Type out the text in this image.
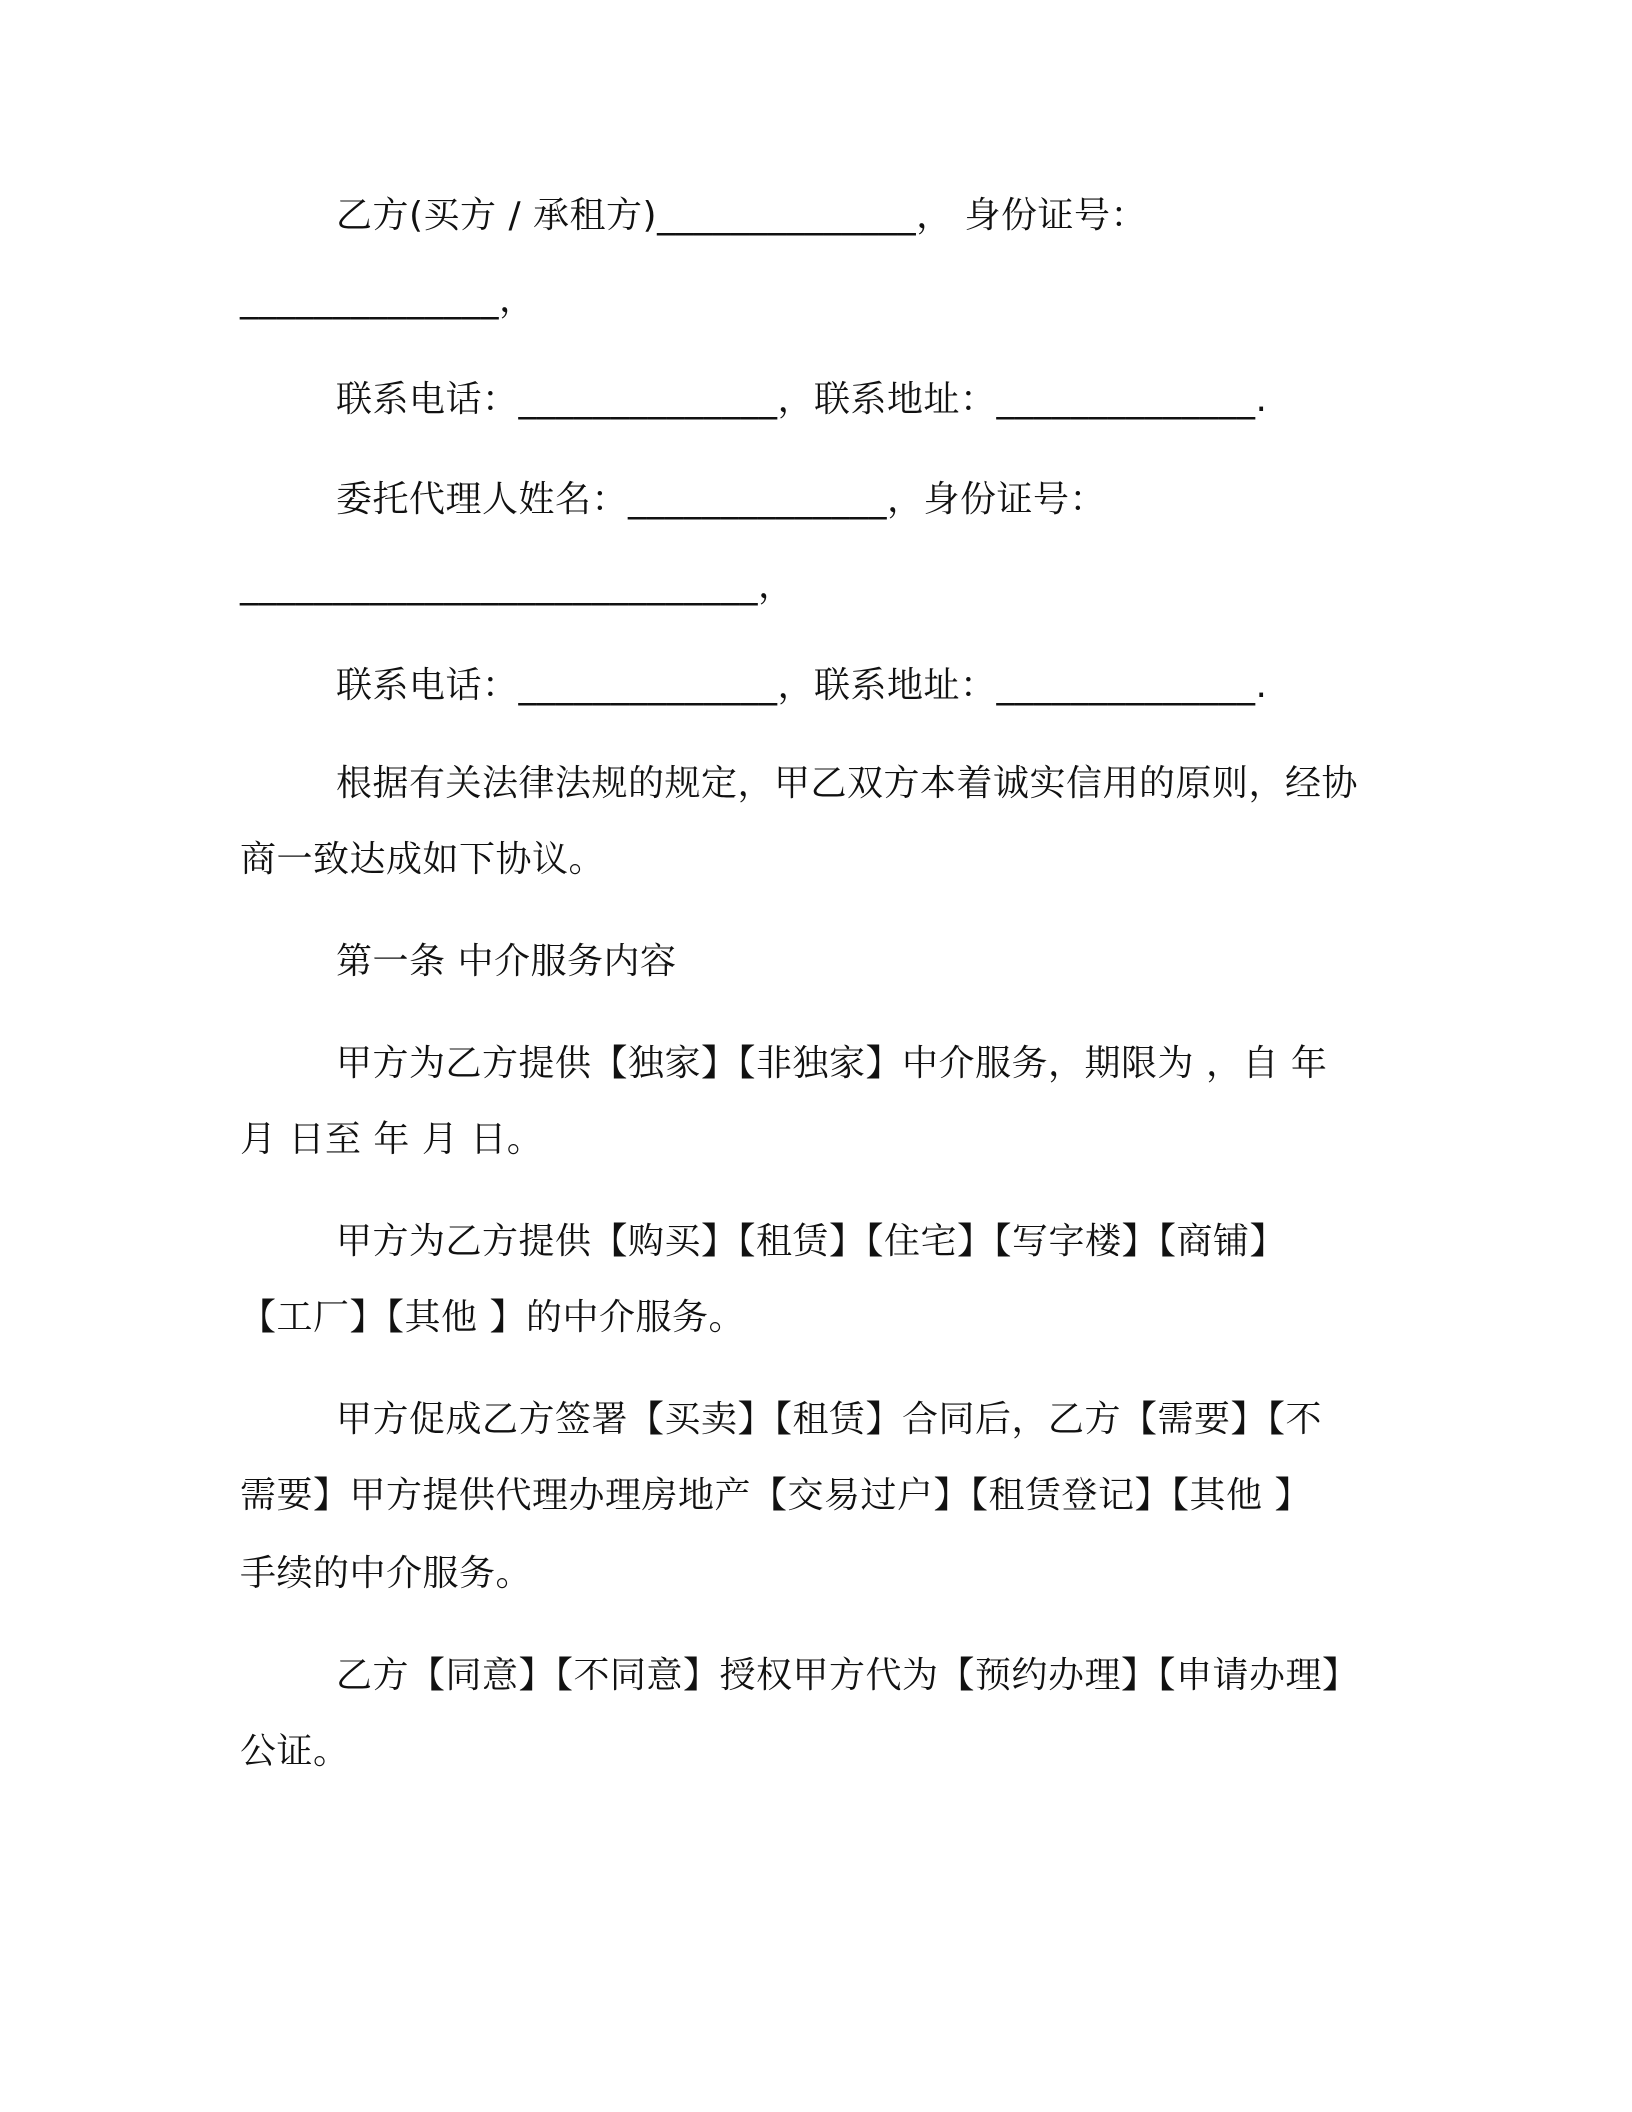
乙方(买方 / 承租方)______________， 身份证号：
______________，
联系电话：______________，联系地址：______________.
委托代理人姓名：______________，身份证号：
____________________________，
联系电话：______________，联系地址：______________.
根据有关法律法规的规定，甲乙双方本着诚实信用的原则，经协
商一致达成如下协议。
第一条 中介服务内容
甲方为乙方提供【独家】【非独家】中介服务，期限为 ，自 年
月 日至 年 月 日。
甲方为乙方提供【购买】【租赁】【住宅】【写字楼】【商铺】
【工厂】【其他 】的中介服务。
甲方促成乙方签署【买卖】【租赁】合同后，乙方【需要】【不
需要】甲方提供代理办理房地产【交易过户】【租赁登记】【其他 】
手续的中介服务。
乙方【同意】【不同意】授权甲方代为【预约办理】【申请办理】
公证。
